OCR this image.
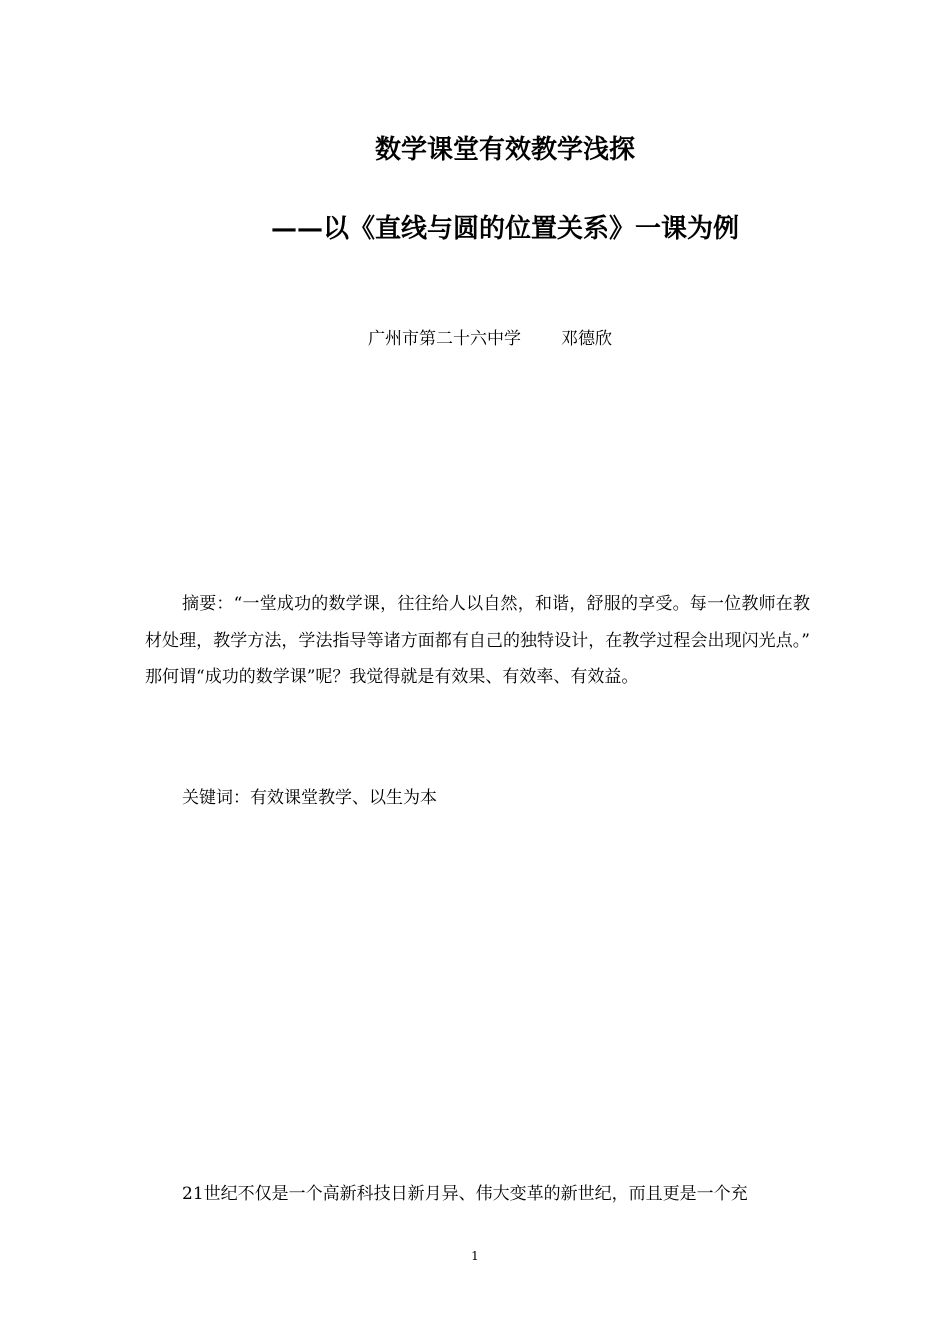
数学课堂有效教学浅探
——以《直线与圆的位置关系》一课为例

广州市第二十六中学 邓德欣

摘要：“一堂成功的数学课，往往给人以自然，和谐，舒服的享受。每一位教师在教材处理，教学方法，学法指导等诸方面都有自己的独特设计，在教学过程会出现闪光点。” 那何谓“成功的数学课”呢？我觉得就是有效果、有效率、有效益。

关键词：有效课堂教学、以生为本

21世纪不仅是一个高新科技日新月异、伟大变革的新世纪，而且更是一个充

1
